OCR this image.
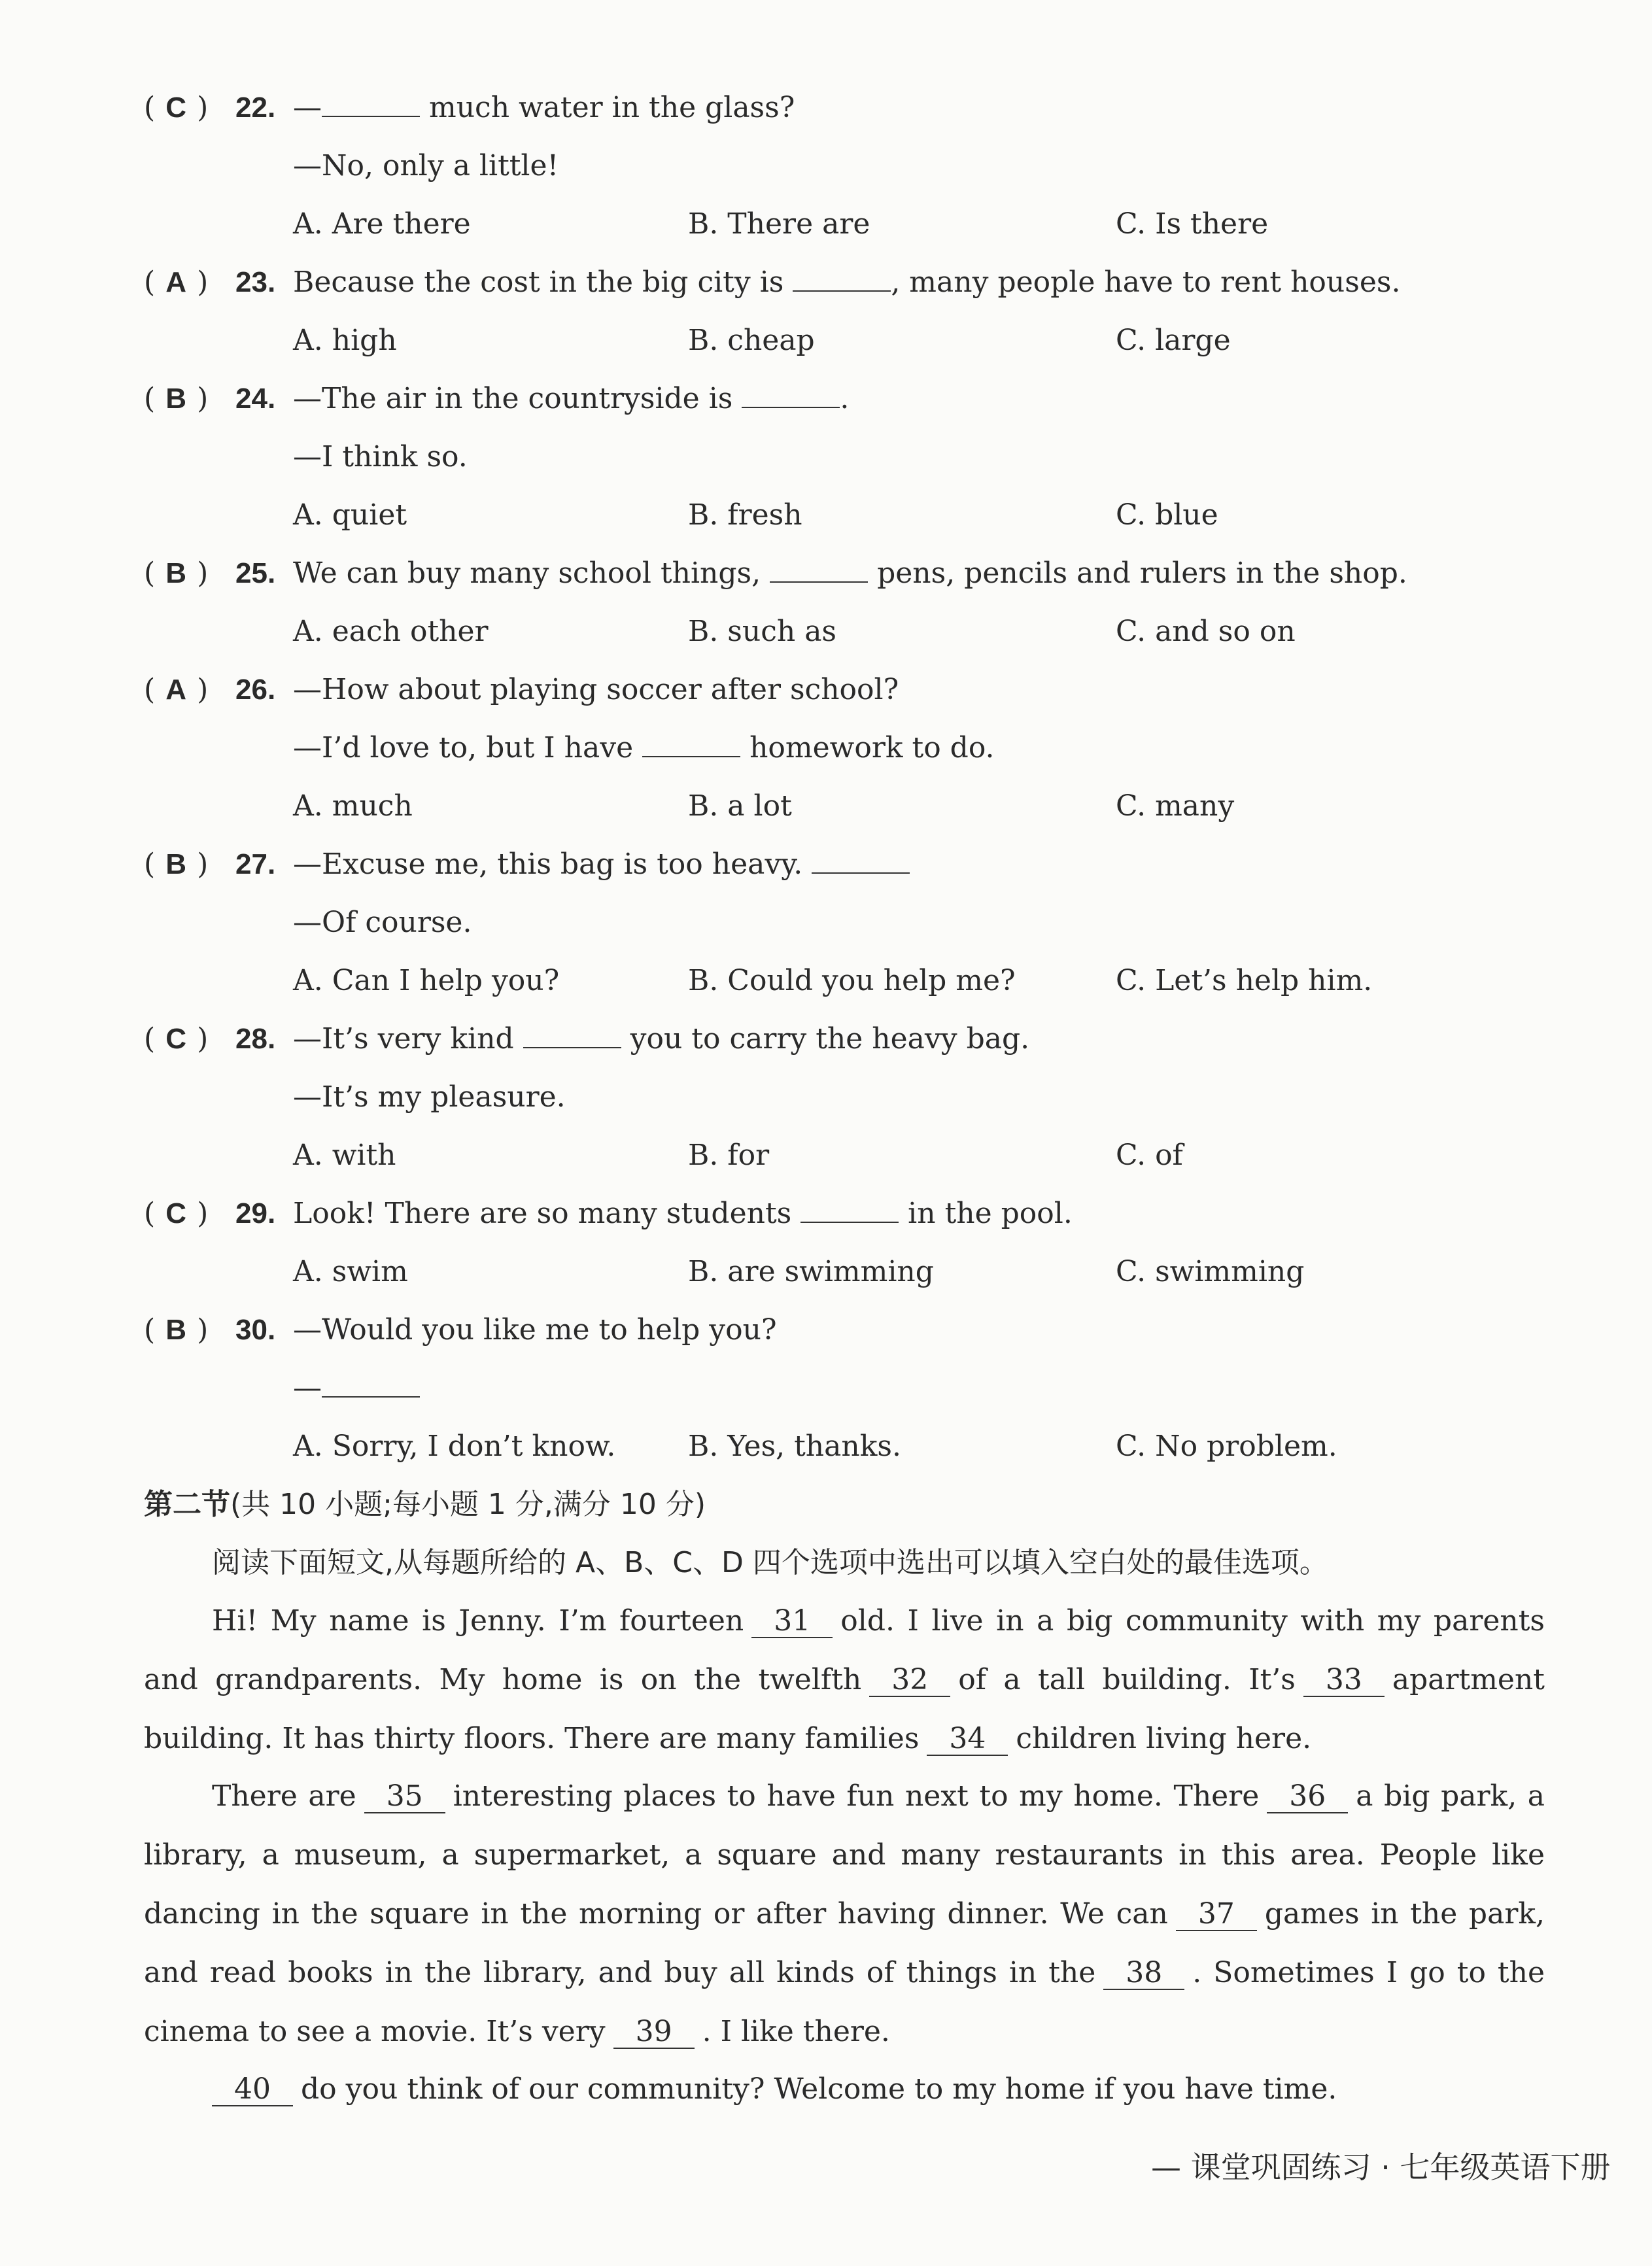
( C ) 22. —	much water in the glass?
—No, only a little!
A. Are there	B. There are	C. Is there
( A ) 23. Because the cost in the big city is	, many people have to rent houses.
A. high	B. cheap	C. large
( B ) 24. —The air in the countryside is	.
—I think so.
A. quiet	B. fresh	C. blue
( B ) 25. We can buy many school things,	pens, pencils and rulers in the shop.
A. each other	B. such as	C. and so on
( A ) 26. —How about playing soccer after school?
—I’d love to, but I have	homework to do.
A. much	B. a lot	C. many
( B ) 27. —Excuse me, this bag is too heavy.
—Of course.
A. Can I help you?	B. Could you help me?	C. Let’s help him.
( C ) 28. —It’s very kind	you to carry the heavy bag.
—It’s my pleasure.
A. with	B. for	C. of
( C ) 29. Look! There are so many students	in the pool.
A. swim	B. are swimming	C. swimming
( B ) 30. —Would you like me to help you?
—
A. Sorry, I don’t know.	B. Yes, thanks.	C. No problem.
第二节(共 10 小题;每小题 1 分,满分 10 分)
阅读下面短文,从每题所给的 A、B、C、D 四个选项中选出可以填入空白处的最佳选项。
Hi! My name is Jenny. I’m fourteen 31 old. I live in a big community with my parents and grandparents. My home is on the twelfth 32 of a tall building. It’s 33 apartment building. It has thirty floors. There are many families 34 children living here.
There are 35 interesting places to have fun next to my home. There 36 a big park, a library, a museum, a supermarket, a square and many restaurants in this area. People like dancing in the square in the morning or after having dinner. We can 37 games in the park, and read books in the library, and buy all kinds of things in the 38 . Sometimes I go to the cinema to see a movie. It’s very 39 . I like there.
40 do you think of our community? Welcome to my home if you have time.
— 课堂巩固练习 · 七年级英语下册
